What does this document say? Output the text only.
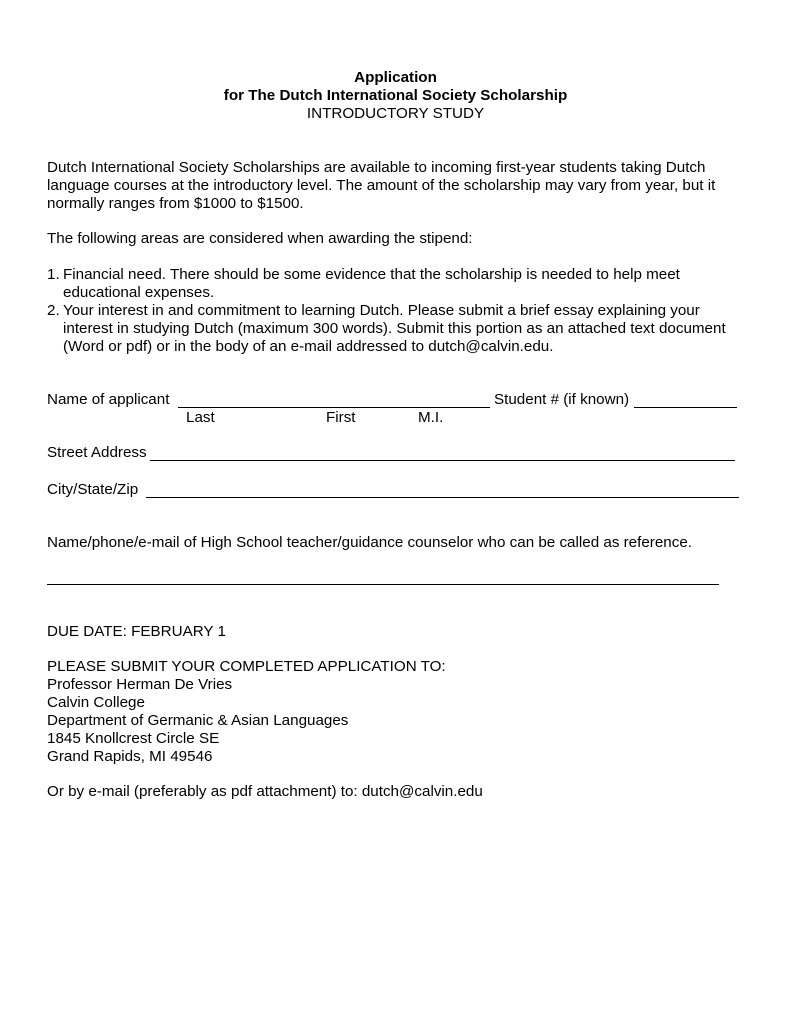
Application
for The Dutch International Society Scholarship
INTRODUCTORY STUDY
Dutch International Society Scholarships are available to incoming first-year students taking Dutch
language courses at the introductory level. The amount of the scholarship may vary from year, but it
normally ranges from $1000 to $1500.
The following areas are considered when awarding the stipend:
1. Financial need. There should be some evidence that the scholarship is needed to help meet
educational expenses.
2. Your interest in and commitment to learning Dutch. Please submit a brief essay explaining your
interest in studying Dutch (maximum 300 words). Submit this portion as an attached text document
(Word or pdf) or in the body of an e-mail addressed to dutch@calvin.edu.
Name of applicant	Student # (if known)
Last	First	M.I.
Street Address
City/State/Zip
Name/phone/e-mail of High School teacher/guidance counselor who can be called as reference.
DUE DATE: FEBRUARY 1
PLEASE SUBMIT YOUR COMPLETED APPLICATION TO:
Professor Herman De Vries
Calvin College
Department of Germanic & Asian Languages
1845 Knollcrest Circle SE
Grand Rapids, MI 49546
Or by e-mail (preferably as pdf attachment) to: dutch@calvin.edu
